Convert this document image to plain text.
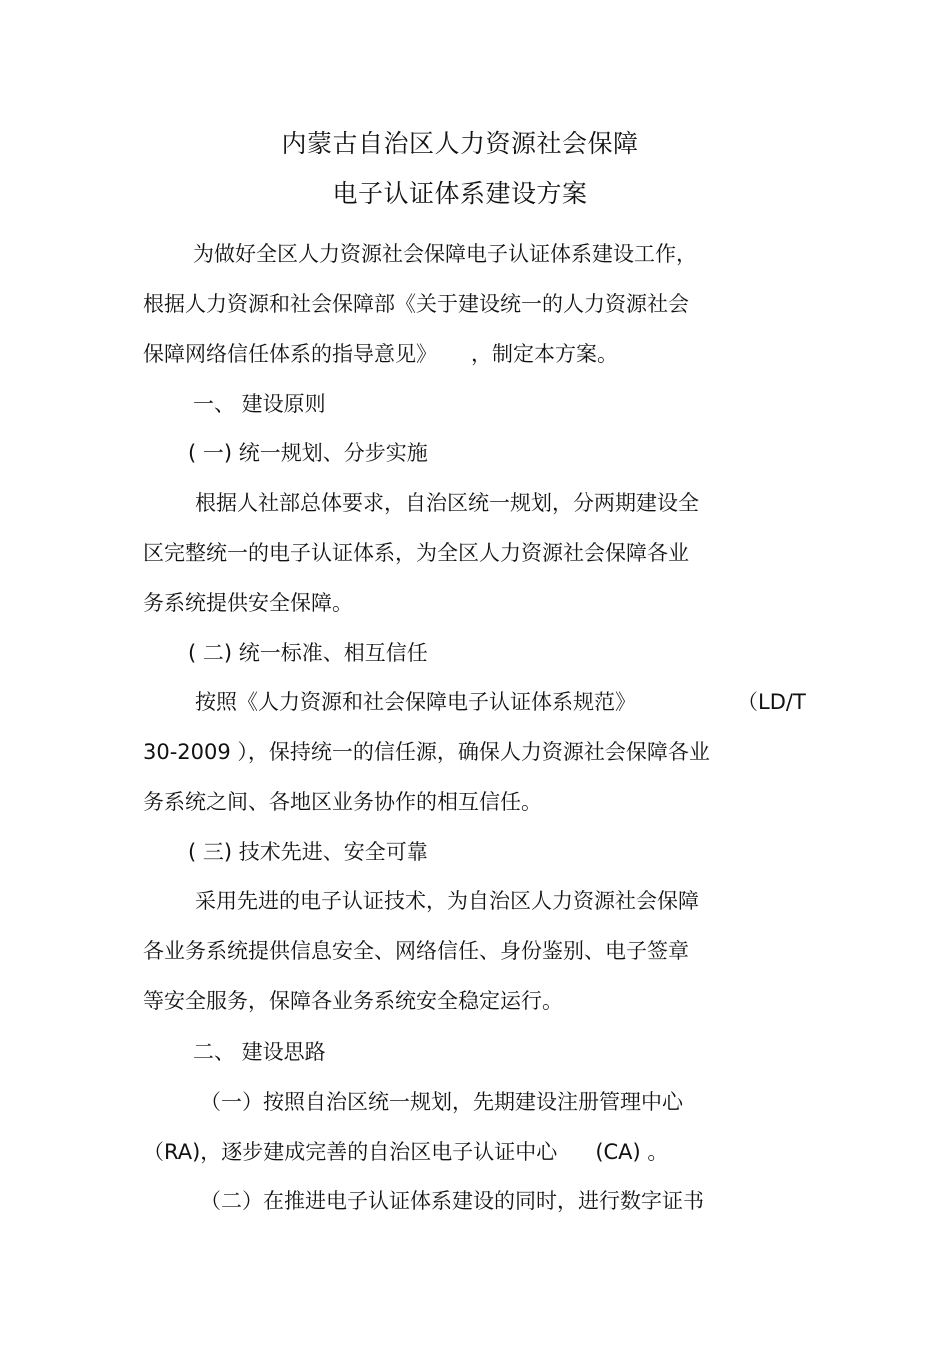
内蒙古自治区人力资源社会保障
电子认证体系建设方案
为做好全区人力资源社会保障电子认证体系建设工作，
根据人力资源和社会保障部《关于建设统一的人力资源社会
保障网络信任体系的指导意见》 ，制定本方案。
一、 建设原则
( 一) 统一规划、分步实施
根据人社部总体要求，自治区统一规划，分两期建设全
区完整统一的电子认证体系，为全区人力资源社会保障各业
务系统提供安全保障。
( 二) 统一标准、相互信任
按照《人力资源和社会保障电子认证体系规范》	（LD/T
30-2009 ），保持统一的信任源，确保人力资源社会保障各业
务系统之间、各地区业务协作的相互信任。
( 三) 技术先进、安全可靠
采用先进的电子认证技术，为自治区人力资源社会保障
各业务系统提供信息安全、网络信任、身份鉴别、电子签章
等安全服务，保障各业务系统安全稳定运行。
二、 建设思路
（一）按照自治区统一规划，先期建设注册管理中心
（RA)，逐步建成完善的自治区电子认证中心 (CA) 。
（二）在推进电子认证体系建设的同时，进行数字证书
